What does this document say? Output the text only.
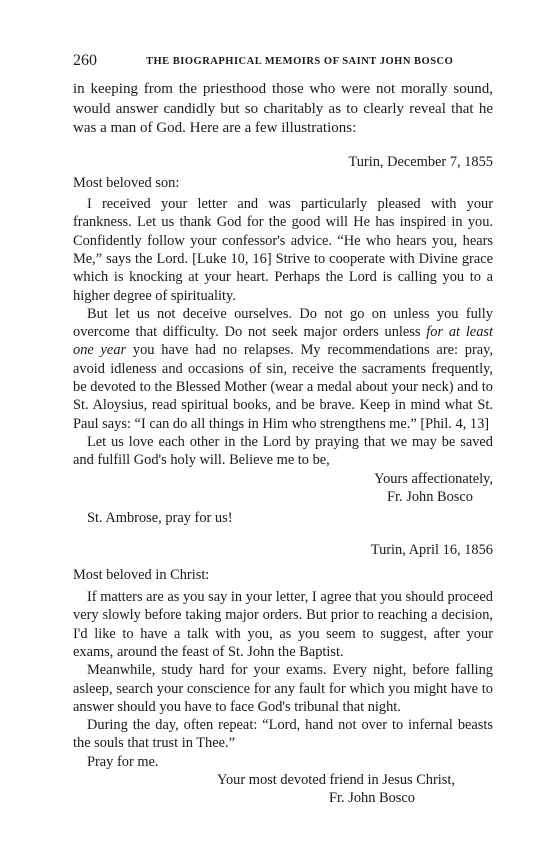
260	THE BIOGRAPHICAL MEMOIRS OF SAINT JOHN BOSCO

in keeping from the priesthood those who were not morally sound, would answer candidly but so charitably as to clearly reveal that he was a man of God. Here are a few illustrations:

Turin, December 7, 1855
Most beloved son:

I received your letter and was particularly pleased with your frankness. Let us thank God for the good will He has inspired in you. Confidently follow your confessor's advice. “He who hears you, hears Me,” says the Lord. [Luke 10, 16] Strive to cooperate with Divine grace which is knocking at your heart. Perhaps the Lord is calling you to a higher degree of spirituality.

But let us not deceive ourselves. Do not go on unless you fully overcome that difficulty. Do not seek major orders unless for at least one year you have had no relapses. My recommendations are: pray, avoid idleness and occasions of sin, receive the sacraments frequently, be devoted to the Blessed Mother (wear a medal about your neck) and to St. Aloysius, read spiritual books, and be brave. Keep in mind what St. Paul says: “I can do all things in Him who strengthens me.” [Phil. 4, 13]

Let us love each other in the Lord by praying that we may be saved and fulfill God's holy will. Believe me to be,

Yours affectionately,
Fr. John Bosco
St. Ambrose, pray for us!
Turin, April 16, 1856
Most beloved in Christ:

If matters are as you say in your letter, I agree that you should proceed very slowly before taking major orders. But prior to reaching a decision, I'd like to have a talk with you, as you seem to suggest, after your exams, around the feast of St. John the Baptist.

Meanwhile, study hard for your exams. Every night, before falling asleep, search your conscience for any fault for which you might have to answer should you have to face God's tribunal that night.

During the day, often repeat: “Lord, hand not over to infernal beasts the souls that trust in Thee.”

Pray for me.

Your most devoted friend in Jesus Christ,
Fr. John Bosco
